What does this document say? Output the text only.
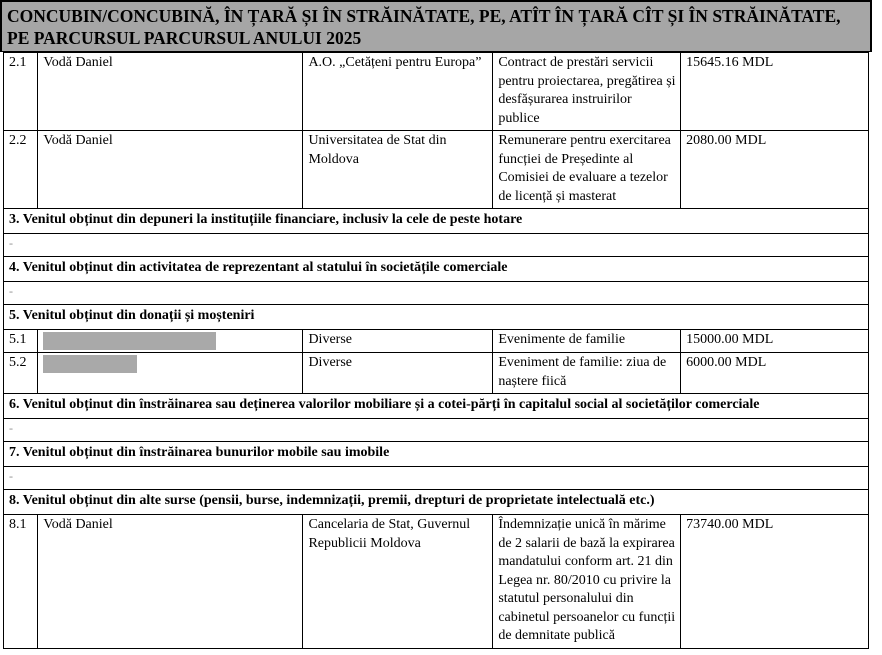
CONCUBIN/CONCUBINĂ, ÎN ȚARĂ ȘI ÎN STRĂINĂTATE, PE, ATÎT ÎN ȚARĂ CÎT ȘI ÎN STRĂINĂTATE,
PE PARCURSUL PARCURSUL ANULUI 2025
2.1	Vodă Daniel	A.O. „Cetățeni pentru Europa”	Contract de prestări servicii pentru proiectarea, pregătirea și desfășurarea instruirilor publice	15645.16 MDL
2.2	Vodă Daniel	Universitatea de Stat din Moldova	Remunerare pentru exercitarea funcției de Președinte al Comisiei de evaluare a tezelor de licență și masterat	2080.00 MDL
3. Venitul obținut din depuneri la instituțiile financiare, inclusiv la cele de peste hotare				
-				
4. Venitul obținut din activitatea de reprezentant al statului în societățile comerciale				
-				
5. Venitul obținut din donații și moșteniri				
5.1		Diverse	Evenimente de familie	15000.00 MDL
5.2		Diverse	Eveniment de familie: ziua de naștere fiică	6000.00 MDL
6. Venitul obținut din înstrăinarea sau deținerea valorilor mobiliare și a cotei-părți în capitalul social al societăților comerciale				
-				
7. Venitul obținut din înstrăinarea bunurilor mobile sau imobile				
-				
8. Venitul obținut din alte surse (pensii, burse, indemnizații, premii, drepturi de proprietate intelectuală etc.)				
8.1	Vodă Daniel	Cancelaria de Stat, Guvernul Republicii Moldova	Îndemnizație unică în mărime de 2 salarii de bază la expirarea mandatului conform art. 21 din Legea nr. 80/2010 cu privire la statutul personalului din cabinetul persoanelor cu funcții de demnitate publică	73740.00 MDL
